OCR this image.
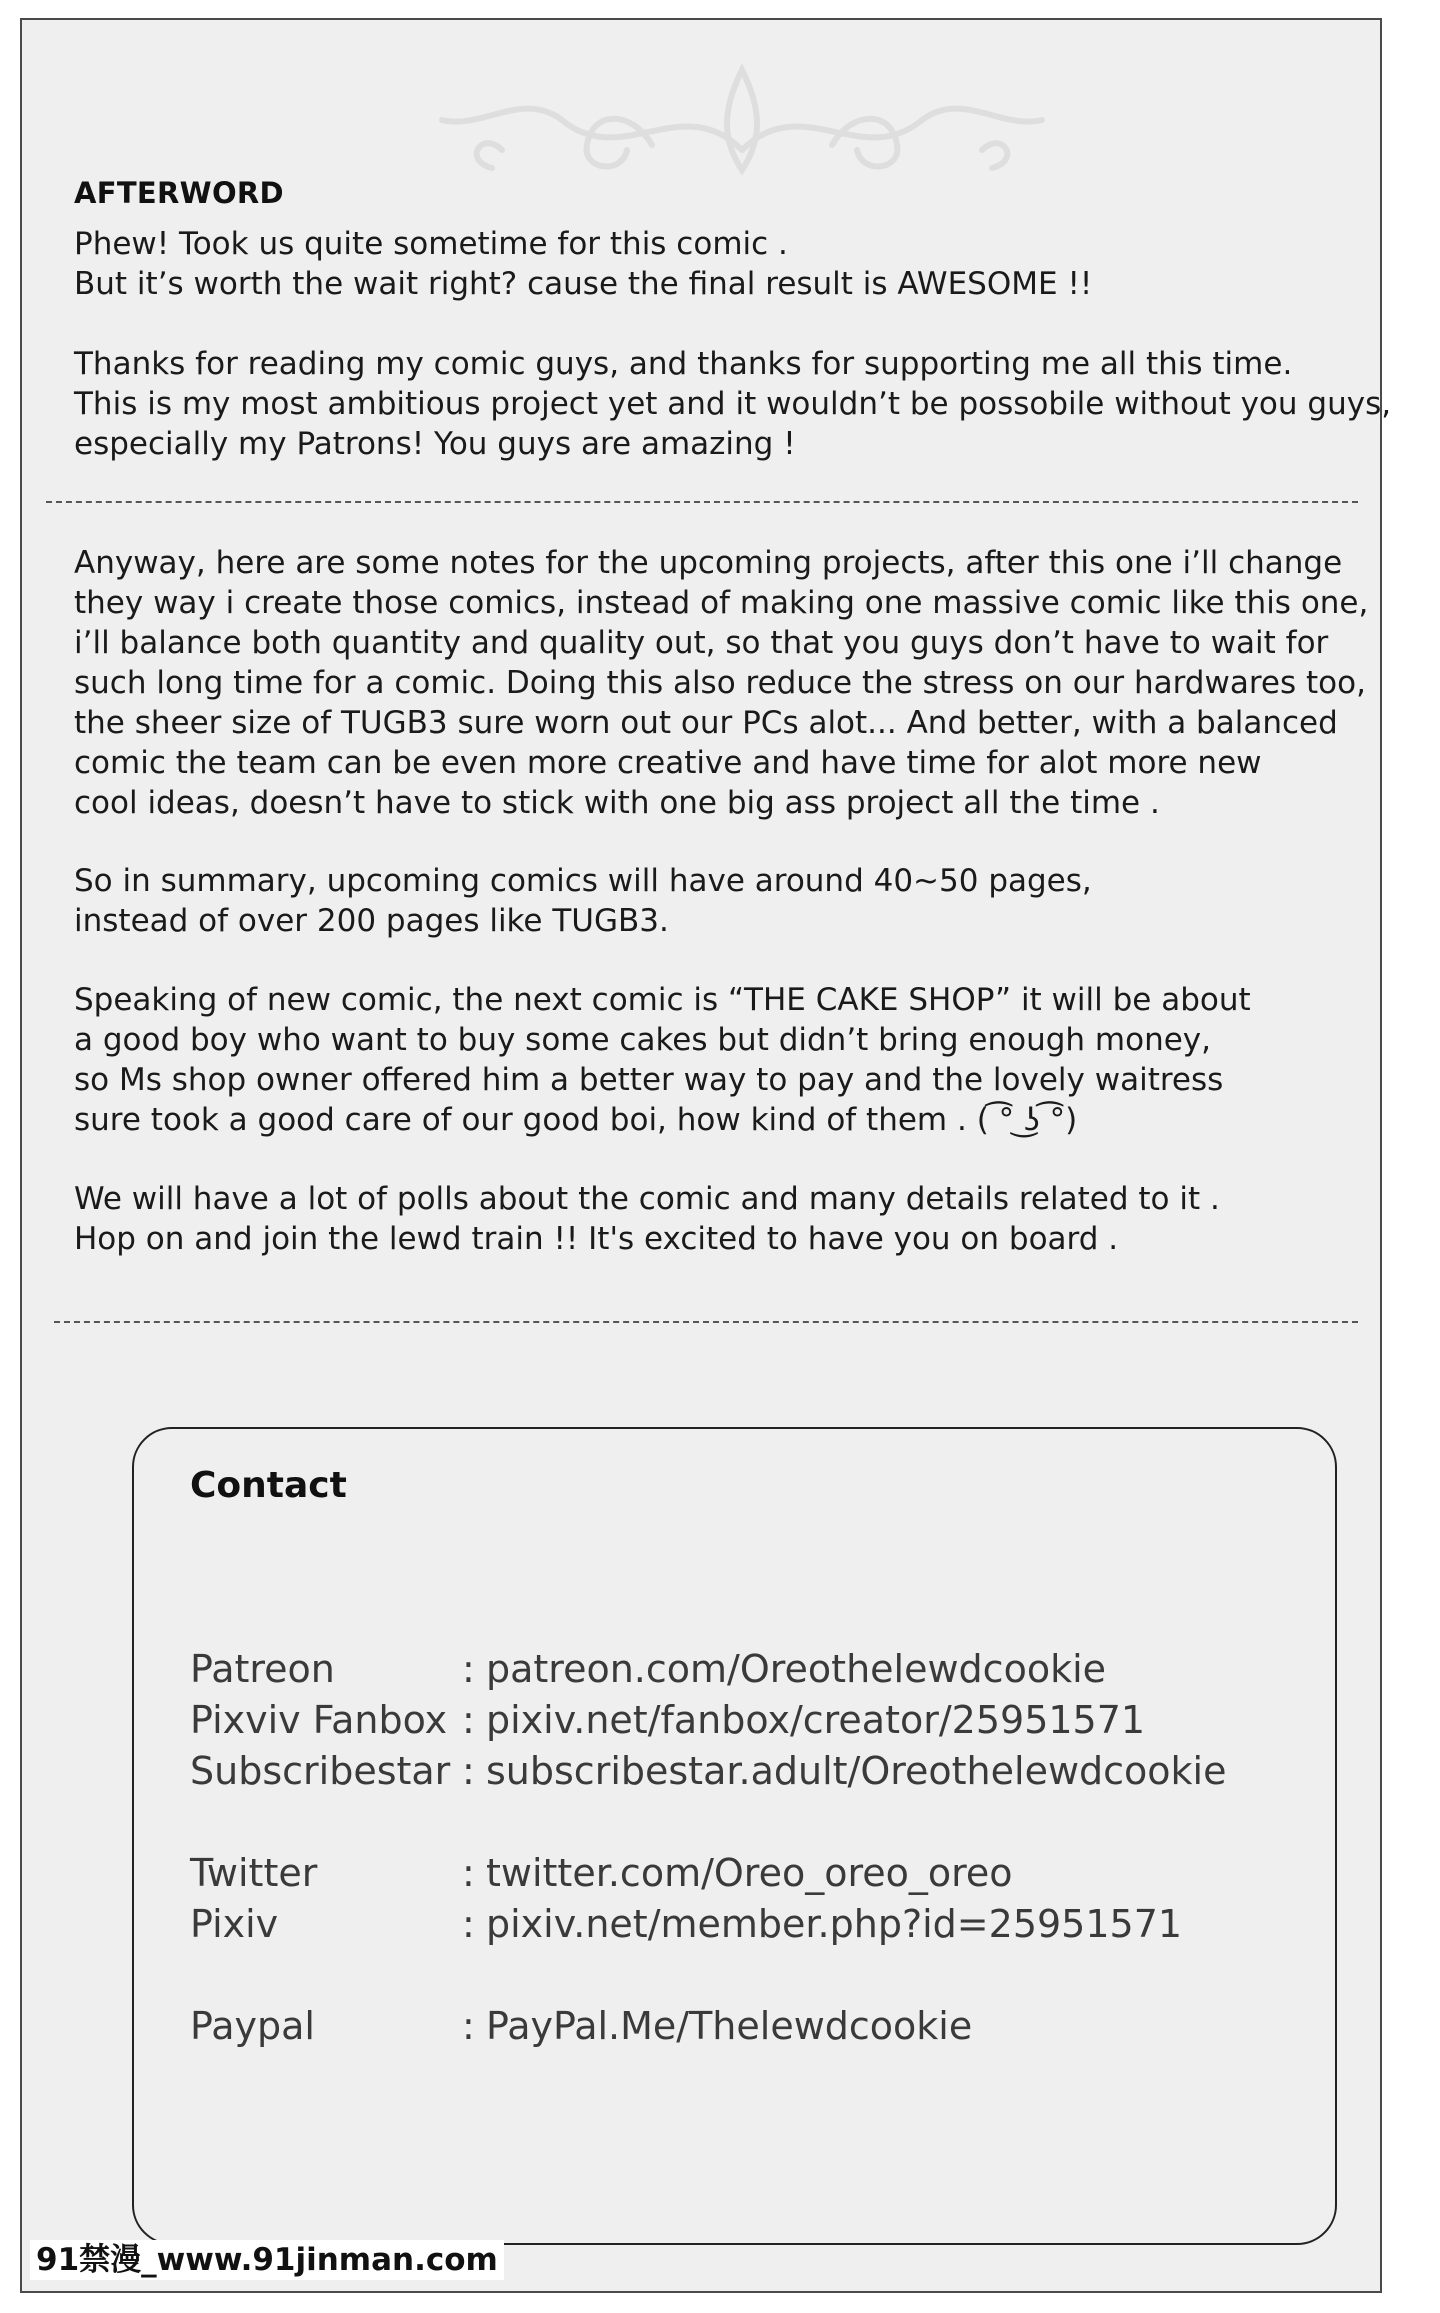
AFTERWORD

Phew! Took us quite sometime for this comic .
But it’s worth the wait right? cause the final result is AWESOME !!

Thanks for reading my comic guys, and thanks for supporting me all this time.
This is my most ambitious project yet and it wouldn’t be possobile without you guys,
especially my Patrons! You guys are amazing !

Anyway, here are some notes for the upcoming projects, after this one i’ll change
they way i create those comics, instead of making one massive comic like this one,
i’ll balance both quantity and quality out, so that you guys don’t have to wait for
such long time for a comic. Doing this also reduce the stress on our hardwares too,
the sheer size of TUGB3 sure worn out our PCs alot... And better, with a balanced
comic the team can be even more creative and have time for alot more new
cool ideas, doesn’t have to stick with one big ass project all the time .

So in summary, upcoming comics will have around 40~50 pages,
instead of over 200 pages like TUGB3.

Speaking of new comic, the next comic is “THE CAKE SHOP” it will be about
a good boy who want to buy some cakes but didn’t bring enough money,
so Ms shop owner offered him a better way to pay and the lovely waitress
sure took a good care of our good boi, how kind of them . ( ͡° ͜ʖ ͡°)

We will have a lot of polls about the comic and many details related to it .
Hop on and join the lewd train !! It's excited to have you on board .

Contact
Patreon	: patreon.com/Oreothelewdcookie
Pixviv Fanbox : pixiv.net/fanbox/creator/25951571
Subscribestar : subscribestar.adult/Oreothelewdcookie
Twitter	: twitter.com/Oreo_oreo_oreo
Pixiv	: pixiv.net/member.php?id=25951571
Paypal	: PayPal.Me/Thelewdcookie
91禁漫_www.91jinman.com
